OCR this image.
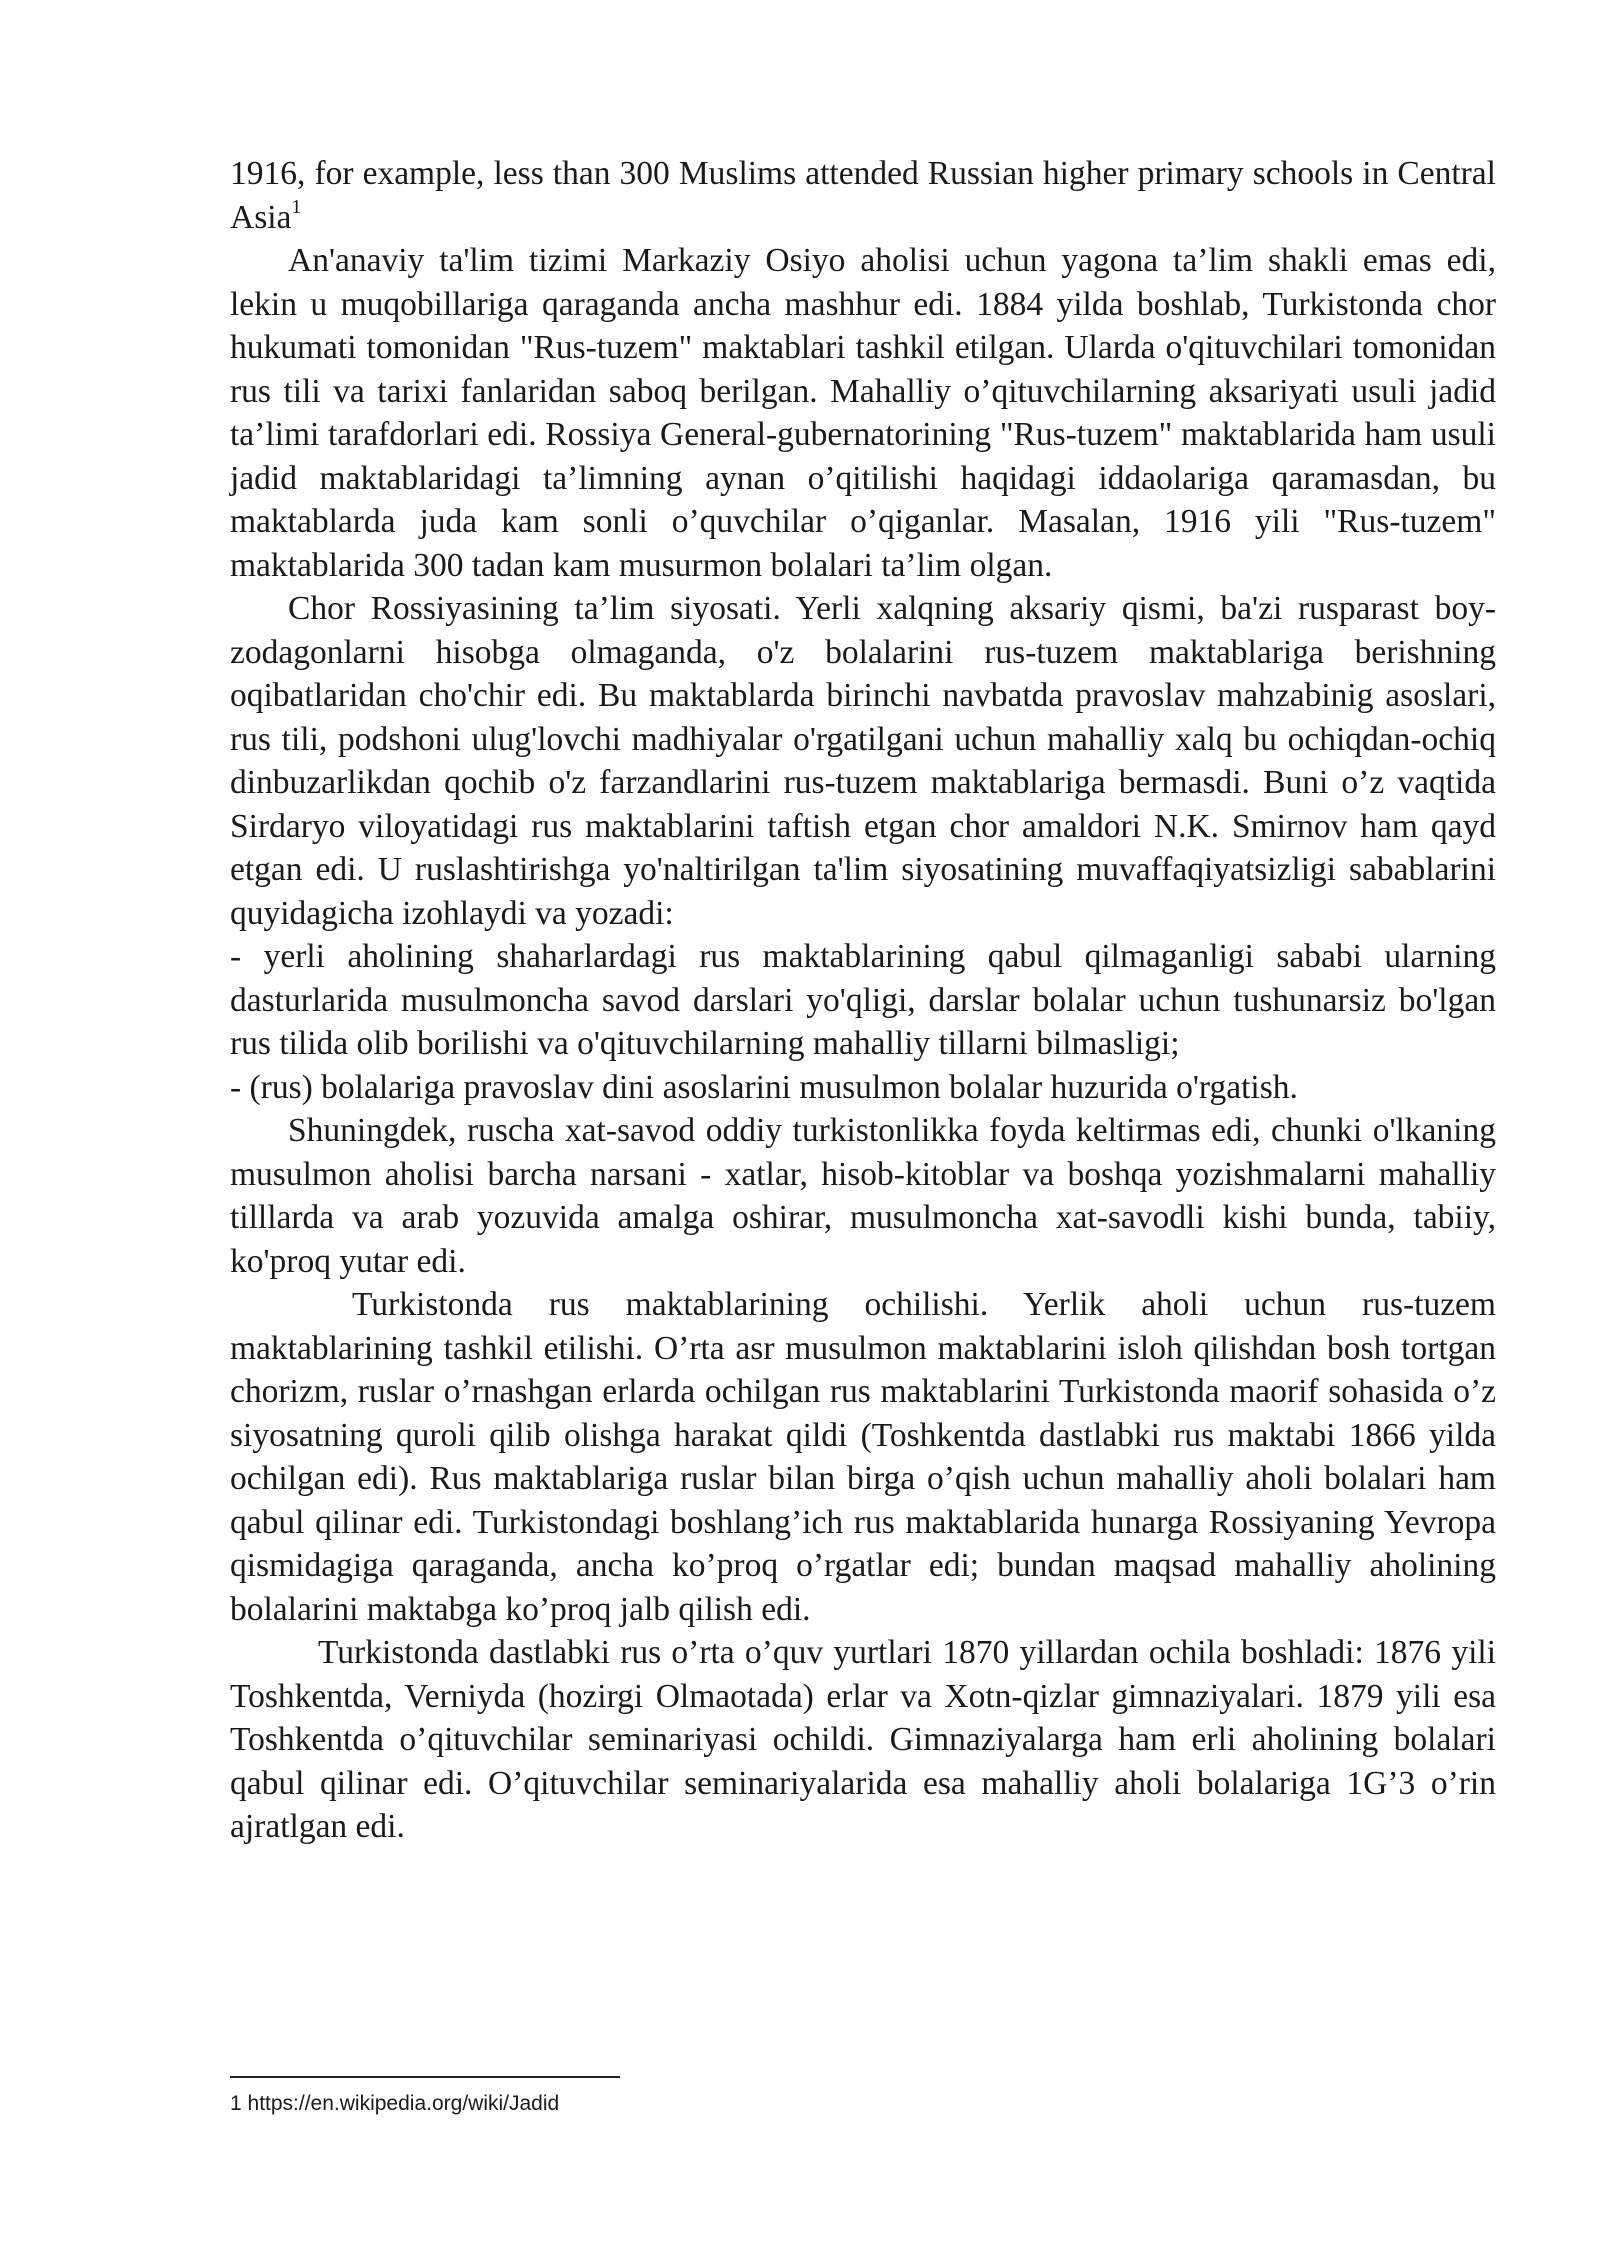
1916, for example, less than 300 Muslims attended Russian higher primary schools in Central Asia$^1$

An'anaviy ta'lim tizimi Markaziy Osiyo aholisi uchun yagona ta’lim shakli emas edi, lekin u muqobillariga qaraganda ancha mashhur edi. 1884 yilda boshlab, Turkistonda chor hukumati tomonidan "Rus-tuzem" maktablari tashkil etilgan. Ularda o'qituvchilari tomonidan rus tili va tarixi fanlaridan saboq berilgan. Mahalliy o’qituvchilarning aksariyati usuli jadid ta’limi tarafdorlari edi. Rossiya General-gubernatorining "Rus-tuzem" maktablarida ham usuli jadid maktablaridagi ta’limning aynan o’qitilishi haqidagi iddaolariga qaramasdan, bu maktablarda juda kam sonli o’quvchilar o’qiganlar. Masalan, 1916 yili "Rus-tuzem" maktablarida 300 tadan kam musurmon bolalari ta’lim olgan.

Chor Rossiyasining ta’lim siyosati. Yerli xalqning aksariy qismi, ba'zi rusparast boy-zodagonlarni hisobga olmaganda, o'z bolalarini rus-tuzem maktablariga berishning oqibatlaridan cho'chir edi. Bu maktablarda birinchi navbatda pravoslav mahzabinig asoslari, rus tili, podshoni ulug'lovchi madhiyalar o'rgatilgani uchun mahalliy xalq bu ochiqdan-ochiq dinbuzarlikdan qochib o'z farzandlarini rus-tuzem maktablariga bermasdi. Buni o’z vaqtida Sirdaryo viloyatidagi rus maktablarini taftish etgan chor amaldori N.K. Smirnov ham qayd etgan edi. U ruslashtirishga yo'naltirilgan ta'lim siyosatining muvaffaqiyatsizligi sabablarini quyidagicha izohlaydi va yozadi:

- yerli aholining shaharlardagi rus maktablarining qabul qilmaganligi sababi ularning dasturlarida musulmoncha savod darslari yo'qligi, darslar bolalar uchun tushunarsiz bo'lgan rus tilida olib borilishi va o'qituvchilarning mahalliy tillarni bilmasligi;

- (rus) bolalariga pravoslav dini asoslarini musulmon bolalar huzurida o'rgatish.

Shuningdek, ruscha xat-savod oddiy turkistonlikka foyda keltirmas edi, chunki o'lkaning musulmon aholisi barcha narsani - xatlar, hisob-kitoblar va boshqa yozishmalarni mahalliy tilllarda va arab yozuvida amalga oshirar, musulmoncha xat-savodli kishi bunda, tabiiy, ko'proq yutar edi.

Turkistonda rus maktablarining ochilishi. Yerlik aholi uchun rus-tuzem maktablarining tashkil etilishi. O’rta asr musulmon maktablarini isloh qilishdan bosh tortgan chorizm, ruslar o’rnashgan erlarda ochilgan rus maktablarini Turkistonda maorif sohasida o’z siyosatning quroli qilib olishga harakat qildi (Toshkentda dastlabki rus maktabi 1866 yilda ochilgan edi). Rus maktablariga ruslar bilan birga o’qish uchun mahalliy aholi bolalari ham qabul qilinar edi. Turkistondagi boshlang’ich rus maktablarida hunarga Rossiyaning Yevropa qismidagiga qaraganda, ancha ko’proq o’rgatlar edi; bundan maqsad mahalliy aholining bolalarini maktabga ko’proq jalb qilish edi.

Turkistonda dastlabki rus o’rta o’quv yurtlari 1870 yillardan ochila boshladi: 1876 yili Toshkentda, Verniyda (hozirgi Olmaotada) erlar va Xotn-qizlar gimnaziyalari. 1879 yili esa Toshkentda o’qituvchilar seminariyasi ochildi. Gimnaziyalarga ham erli aholining bolalari qabul qilinar edi. O’qituvchilar seminariyalarida esa mahalliy aholi bolalariga 1G’3 o’rin ajratlgan edi.

1 https://en.wikipedia.org/wiki/Jadid
